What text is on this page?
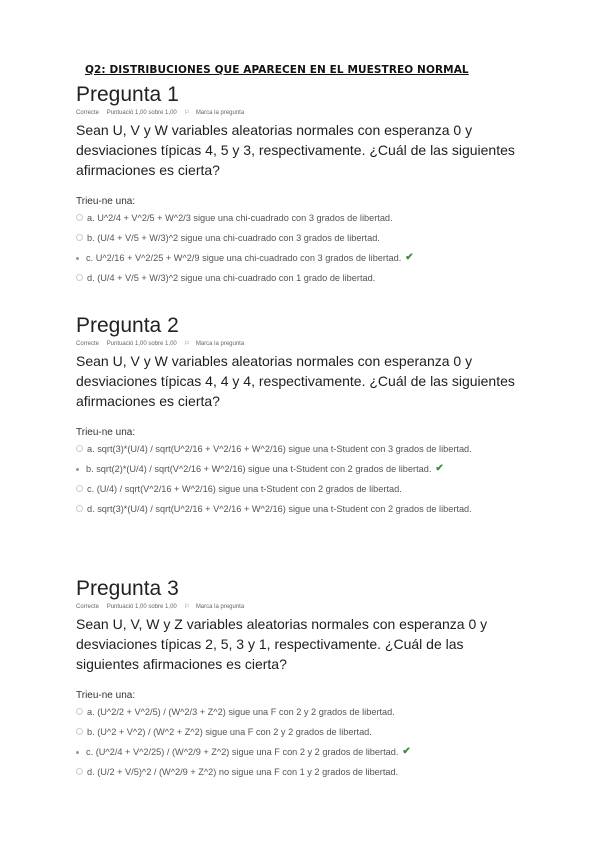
Q2: DISTRIBUCIONES QUE APARECEN EN EL MUESTREO NORMAL
Pregunta 1
Correcte Puntuació 1,00 sobre 1,00 ⚐ Marca la pregunta
Sean U, V y W variables aleatorias normales con esperanza 0 y desviaciones típicas 4, 5 y 3, respectivamente. ¿Cuál de las siguientes afirmaciones es cierta?
Trieu-ne una:
a. U^2/4 + V^2/5 + W^2/3 sigue una chi-cuadrado con 3 grados de libertad.
b. (U/4 + V/5 + W/3)^2 sigue una chi-cuadrado con 3 grados de libertad.
c. U^2/16 + V^2/25 + W^2/9 sigue una chi-cuadrado con 3 grados de libertad. ✔
d. (U/4 + V/5 + W/3)^2 sigue una chi-cuadrado con 1 grado de libertad.
Pregunta 2
Correcte Puntuació 1,00 sobre 1,00 ⚐ Marca la pregunta
Sean U, V y W variables aleatorias normales con esperanza 0 y desviaciones típicas 4, 4 y 4, respectivamente. ¿Cuál de las siguientes afirmaciones es cierta?
Trieu-ne una:
a. sqrt(3)*(U/4) / sqrt(U^2/16 + V^2/16 + W^2/16) sigue una t-Student con 3 grados de libertad.
b. sqrt(2)*(U/4) / sqrt(V^2/16 + W^2/16) sigue una t-Student con 2 grados de libertad. ✔
c. (U/4) / sqrt(V^2/16 + W^2/16) sigue una t-Student con 2 grados de libertad.
d. sqrt(3)*(U/4) / sqrt(U^2/16 + V^2/16 + W^2/16) sigue una t-Student con 2 grados de libertad.
Pregunta 3
Correcte Puntuació 1,00 sobre 1,00 ⚐ Marca la pregunta
Sean U, V, W y Z variables aleatorias normales con esperanza 0 y desviaciones típicas 2, 5, 3 y 1, respectivamente. ¿Cuál de las siguientes afirmaciones es cierta?
Trieu-ne una:
a. (U^2/2 + V^2/5) / (W^2/3 + Z^2) sigue una F con 2 y 2 grados de libertad.
b. (U^2 + V^2) / (W^2 + Z^2) sigue una F con 2 y 2 grados de libertad.
c. (U^2/4 + V^2/25) / (W^2/9 + Z^2) sigue una F con 2 y 2 grados de libertad. ✔
d. (U/2 + V/5)^2 / (W^2/9 + Z^2) no sigue una F con 1 y 2 grados de libertad.
